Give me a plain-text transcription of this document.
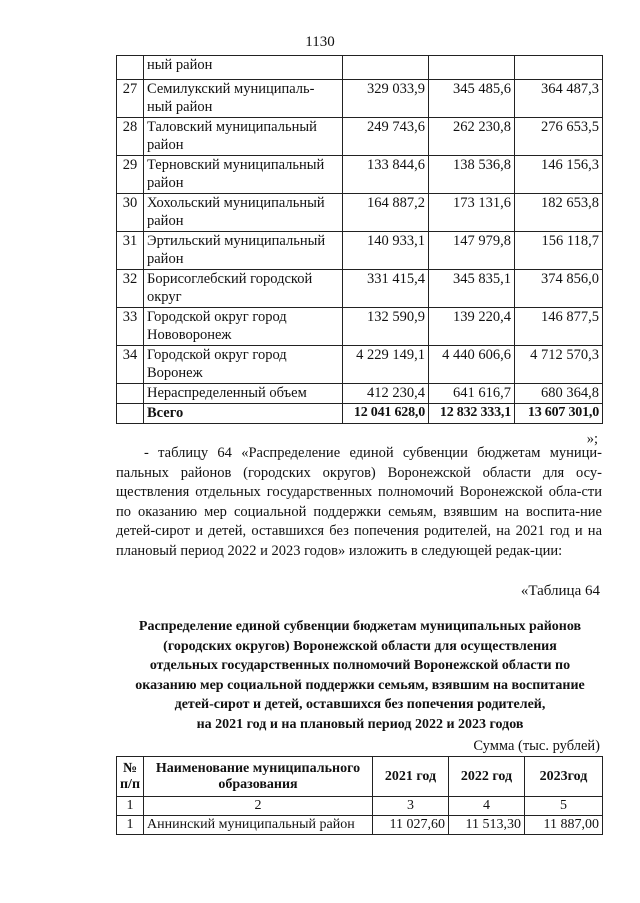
1130
	ный район			
27	Семилукский муниципаль-ный район	329 033,9	345 485,6	364 487,3
28	Таловский муниципальный район	249 743,6	262 230,8	276 653,5
29	Терновский муниципальный район	133 844,6	138 536,8	146 156,3
30	Хохольский муниципальный район	164 887,2	173 131,6	182 653,8
31	Эртильский муниципальный район	140 933,1	147 979,8	156 118,7
32	Борисоглебский городской округ	331 415,4	345 835,1	374 856,0
33	Городской округ город Нововоронеж	132 590,9	139 220,4	146 877,5
34	Городской округ город Воронеж	4 229 149,1	4 440 606,6	4 712 570,3
	Нераспределенный объем	412 230,4	641 616,7	680 364,8
	Всего	12 041 628,0	12 832 333,1	13 607 301,0
»;
- таблицу 64 «Распределение единой субвенции бюджетам муници-пальных районов (городских округов) Воронежской области для осу-ществления отдельных государственных полномочий Воронежской обла-сти по оказанию мер социальной поддержки семьям, взявшим на воспита-ние детей-сирот и детей, оставшихся без попечения родителей, на 2021 год и на плановый период 2022 и 2023 годов» изложить в следующей редак-ции:
«Таблица 64
Распределение единой субвенции бюджетам муниципальных районов
(городских округов) Воронежской области для осуществления
отдельных государственных полномочий Воронежской области по
оказанию мер социальной поддержки семьям, взявшим на воспитание
детей-сирот и детей, оставшихся без попечения родителей,
на 2021 год и на плановый период 2022 и 2023 годов
Сумма (тыс. рублей)
№ п/п	Наименование муниципального образования	2021 год	2022 год	2023год
1	2	3	4	5
1	Аннинский муниципальный район	11 027,60	11 513,30	11 887,00
